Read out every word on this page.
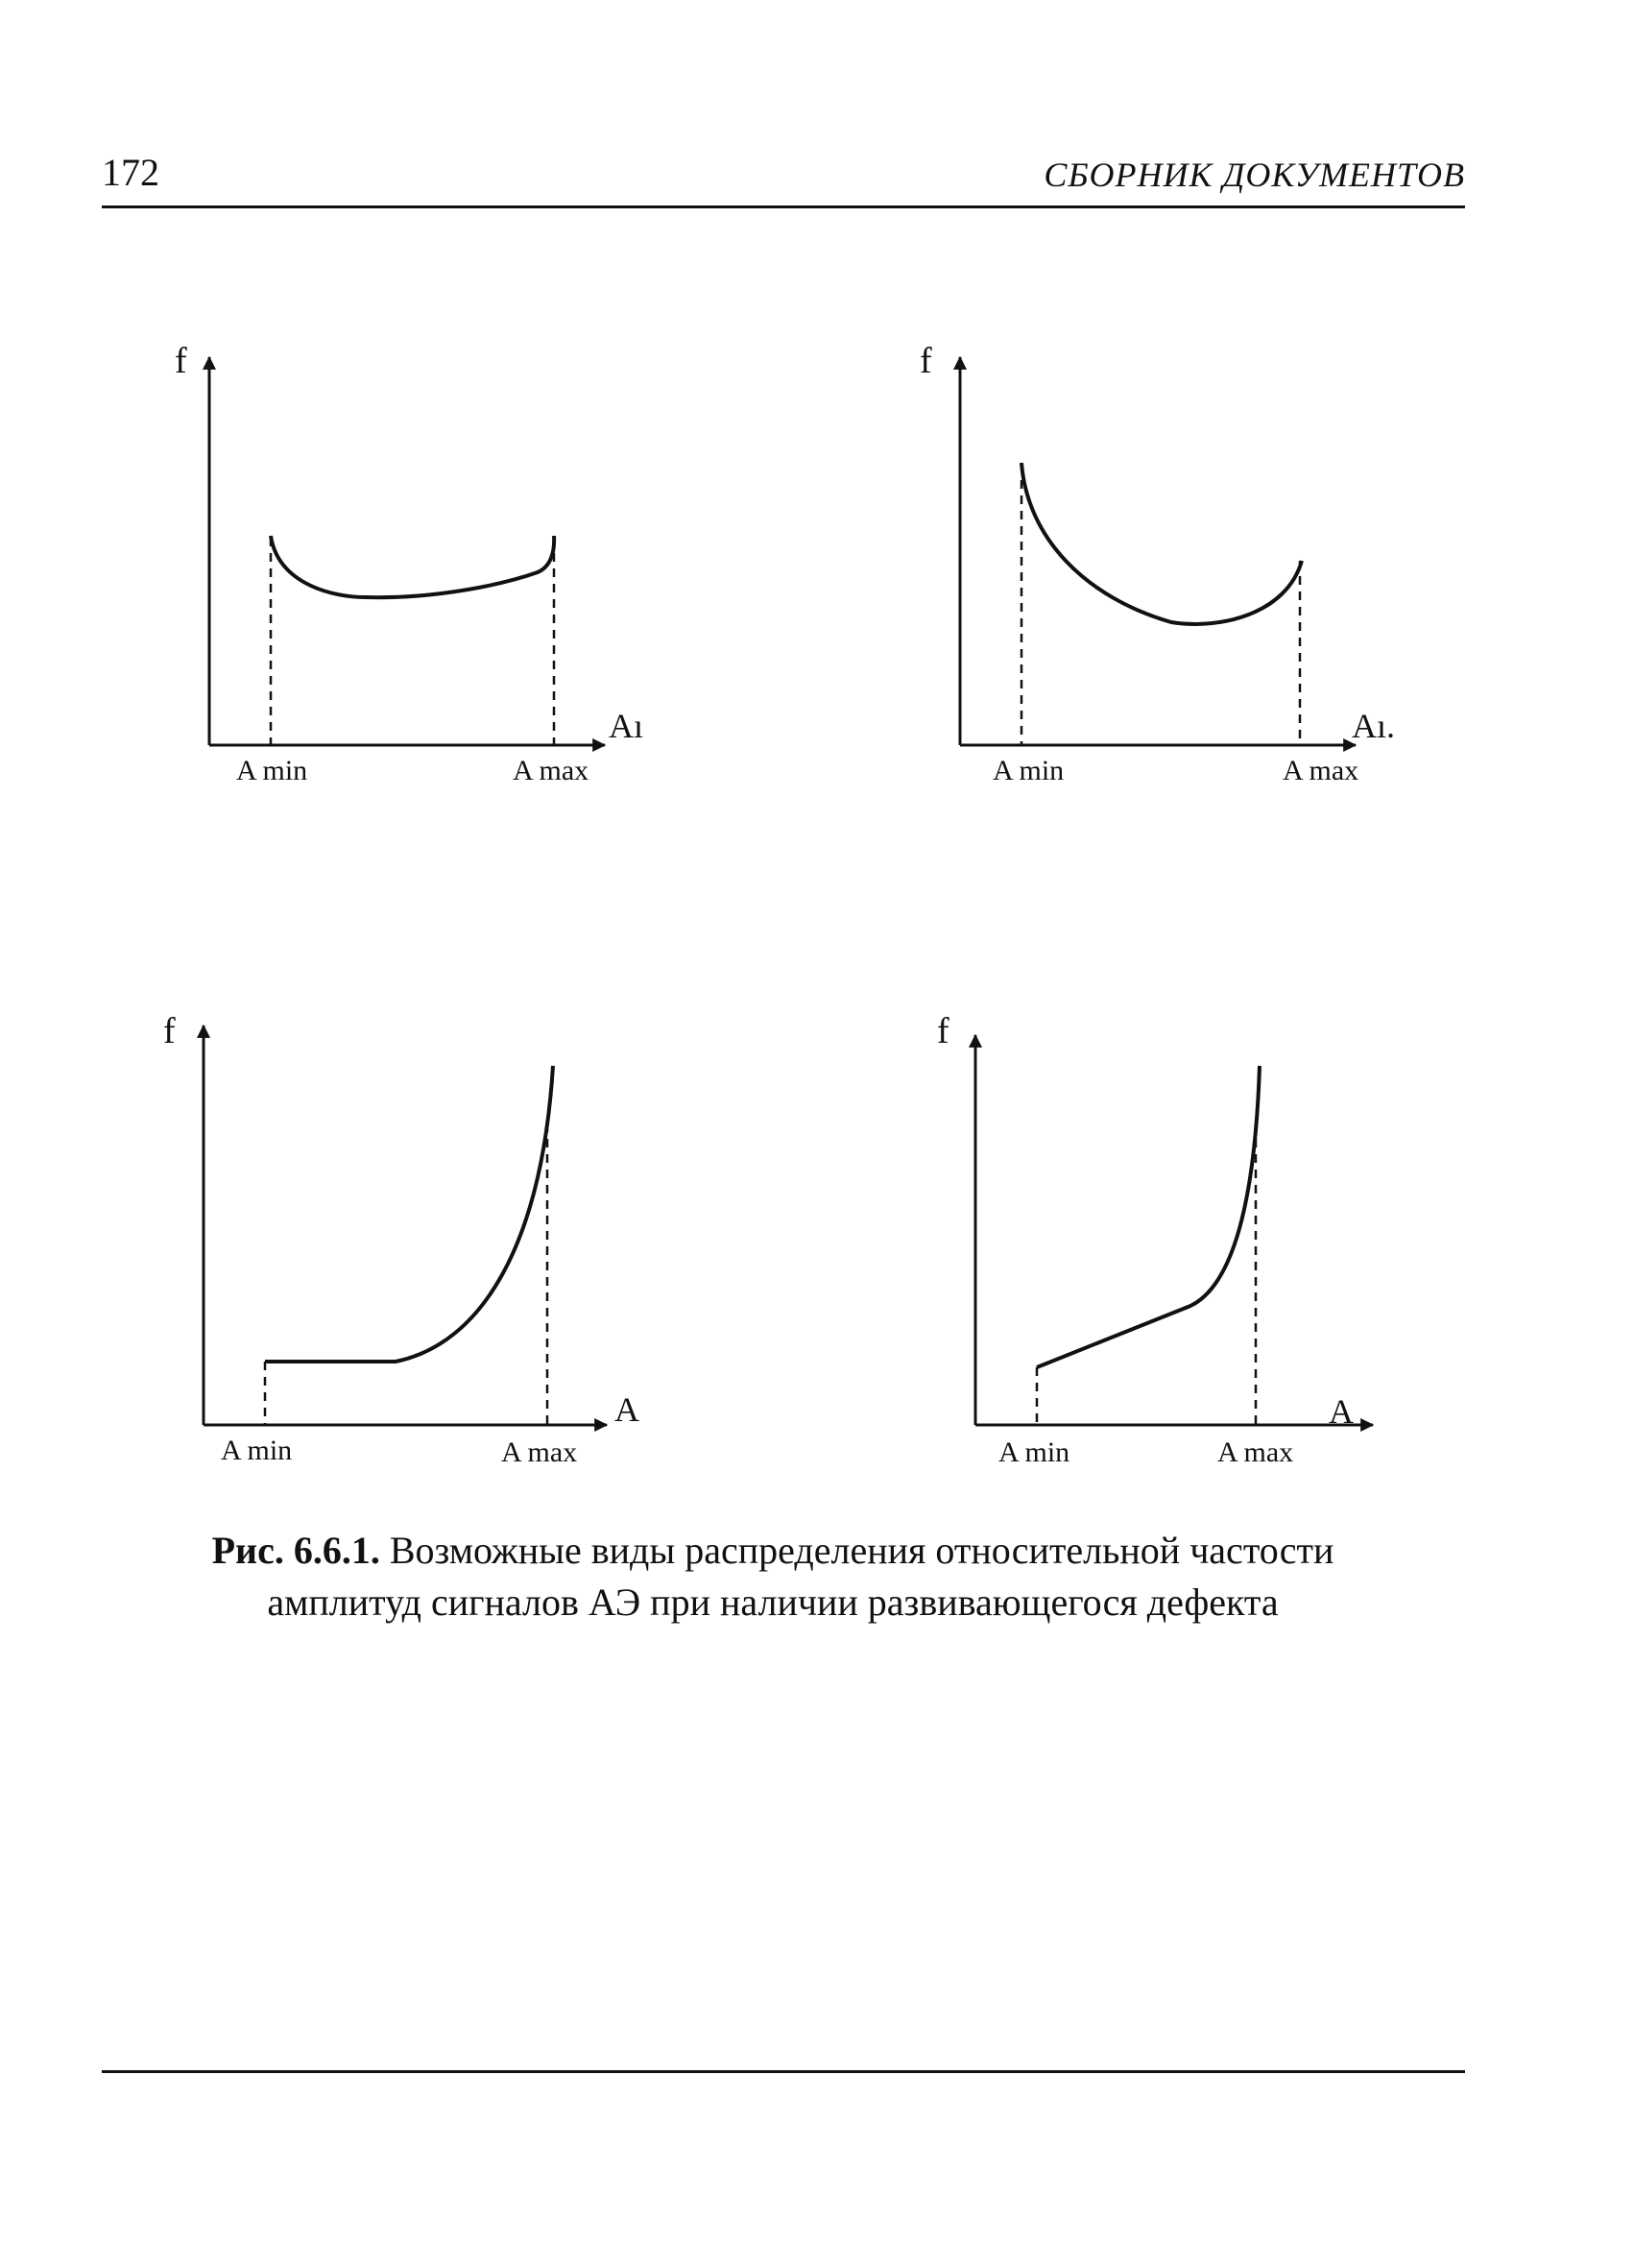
172	СБОРНИК ДОКУМЕНТОВ
f
Aı
A min	A max
f
Aı.
A min	A max
f
A
A min	A max
f
A
A min	A max
Рис. 6.6.1. Возможные виды распределения относительной частости
амплитуд сигналов АЭ при наличии развивающегося дефекта
